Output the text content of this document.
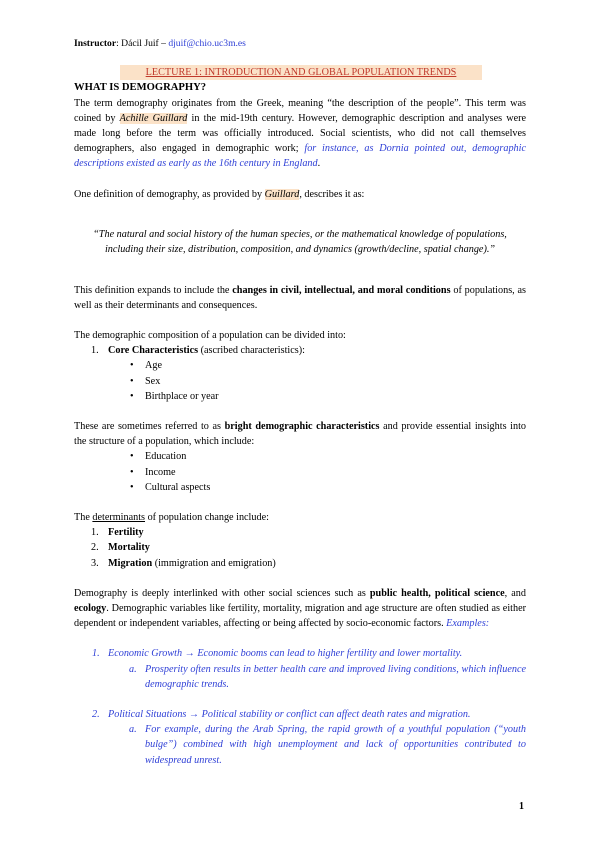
Instructor: Dácil Juif – djuif@chio.uc3m.es

LECTURE 1: INTRODUCTION AND GLOBAL POPULATION TRENDS

WHAT IS DEMOGRAPHY?

The term demography originates from the Greek, meaning “the description of the people”. This term was coined by Achille Guillard in the mid-19th century. However, demographic description and analyses were made long before the term was officially introduced. Social scientists, who did not call themselves demographers, also engaged in demographic work; for instance, as Dornia pointed out, demographic descriptions existed as early as the 16th century in England.

One definition of demography, as provided by Guillard, describes it as:

“The natural and social history of the human species, or the mathematical knowledge of populations, including their size, distribution, composition, and dynamics (growth/decline, spatial change).”

This definition expands to include the changes in civil, intellectual, and moral conditions of populations, as well as their determinants and consequences.

The demographic composition of a population can be divided into:

1. Core Characteristics (ascribed characteristics):
• Age
• Sex
• Birthplace or year

These are sometimes referred to as bright demographic characteristics and provide essential insights into the structure of a population, which include:

• Education
• Income
• Cultural aspects

The determinants of population change include:

1. Fertility
2. Mortality
3. Migration (immigration and emigration)

Demography is deeply interlinked with other social sciences such as public health, political science, and ecology. Demographic variables like fertility, mortality, migration and age structure are often studied as either dependent or independent variables, affecting or being affected by socio-economic factors. Examples:

1. Economic Growth → Economic booms can lead to higher fertility and lower mortality.
a. Prosperity often results in better health care and improved living conditions, which influence demographic trends.
2. Political Situations → Political stability or conflict can affect death rates and migration.
a. For example, during the Arab Spring, the rapid growth of a youthful population (“youth bulge”) combined with high unemployment and lack of opportunities contributed to widespread unrest.
1
